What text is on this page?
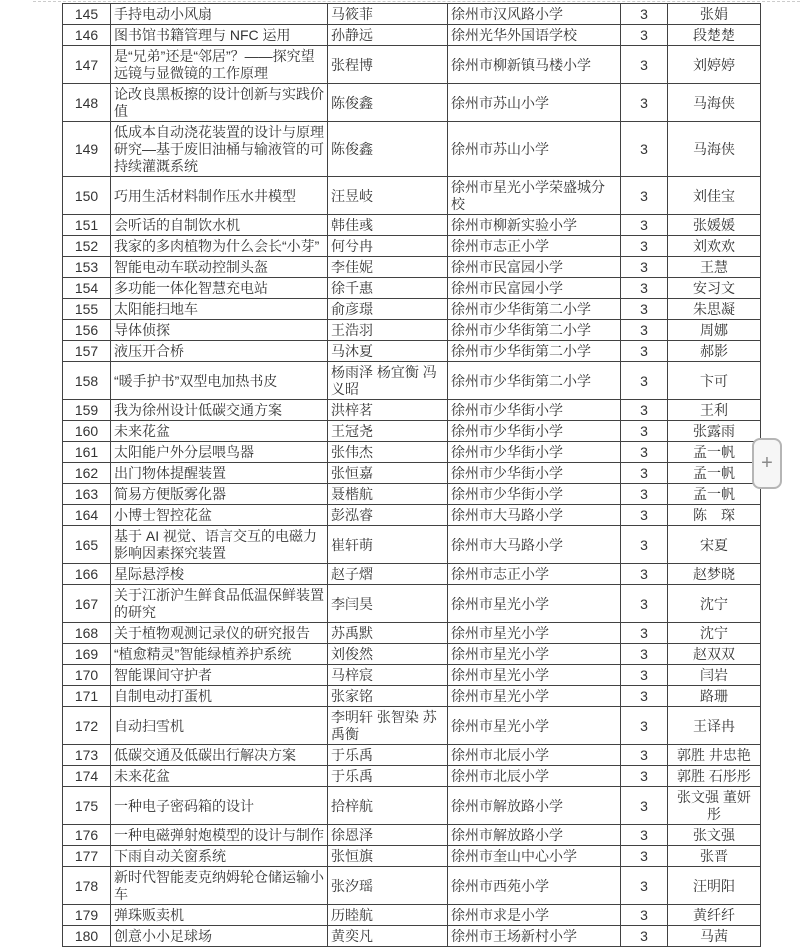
145	手持电动小风扇	马筱菲	徐州市汉风路小学	3	张娟
146	图书馆书籍管理与 NFC 运用	孙静远	徐州光华外国语学校	3	段楚楚
147	是“兄弟”还是“邻居”？——探究望远镜与显微镜的工作原理	张程博	徐州市柳新镇马楼小学	3	刘婷婷
148	论改良黑板擦的设计创新与实践价值	陈俊鑫	徐州市苏山小学	3	马海侠
149	低成本自动浇花装置的设计与原理研究—基于废旧油桶与输液管的可持续灌溉系统	陈俊鑫	徐州市苏山小学	3	马海侠
150	巧用生活材料制作压水井模型	汪昱岐	徐州市星光小学荣盛城分校	3	刘佳宝
151	会听话的自制饮水机	韩佳彧	徐州市柳新实验小学	3	张媛媛
152	我家的多肉植物为什么会长“小芽”	何兮冉	徐州市志正小学	3	刘欢欢
153	智能电动车联动控制头盔	李佳妮	徐州市民富园小学	3	王慧
154	多功能一体化智慧充电站	徐千惠	徐州市民富园小学	3	安习文
155	太阳能扫地车	俞彦璟	徐州市少华街第二小学	3	朱思凝
156	导体侦探	王浩羽	徐州市少华街第二小学	3	周娜
157	液压开合桥	马沐夏	徐州市少华街第二小学	3	郝影
158	“暖手护书”双型电加热书皮	杨雨泽 杨宜衡 冯义昭	徐州市少华街第二小学	3	卞可
159	我为徐州设计低碳交通方案	洪梓茗	徐州市少华街小学	3	王利
160	未来花盆	王冠尧	徐州市少华街小学	3	张露雨
161	太阳能户外分层喂鸟器	张伟杰	徐州市少华街小学	3	孟一帆
162	出门物体提醒装置	张恒嘉	徐州市少华街小学	3	孟一帆
163	简易方便版雾化器	聂楷航	徐州市少华街小学	3	孟一帆
164	小博士智控花盆	彭泓睿	徐州市大马路小学	3	陈　琛
165	基于 AI 视觉、语言交互的电磁力影响因素探究装置	崔轩萌	徐州市大马路小学	3	宋夏
166	星际悬浮梭	赵子熠	徐州市志正小学	3	赵梦晓
167	关于江浙沪生鲜食品低温保鲜装置的研究	李闫昊	徐州市星光小学	3	沈宁
168	关于植物观测记录仪的研究报告	苏禹默	徐州市星光小学	3	沈宁
169	“植愈精灵”智能绿植养护系统	刘俊然	徐州市星光小学	3	赵双双
170	智能课间守护者	马梓宸	徐州市星光小学	3	闫岩
171	自制电动打蛋机	张家铭	徐州市星光小学	3	路珊
172	自动扫雪机	李明轩 张智染 苏禹衡	徐州市星光小学	3	王译冉
173	低碳交通及低碳出行解决方案	于乐禹	徐州市北辰小学	3	郭胜 井忠艳
174	未来花盆	于乐禹	徐州市北辰小学	3	郭胜 石彤彤
175	一种电子密码箱的设计	拾梓航	徐州市解放路小学	3	张文强 董妍彤
176	一种电磁弹射炮模型的设计与制作	徐恩泽	徐州市解放路小学	3	张文强
177	下雨自动关窗系统	张恒旗	徐州市奎山中心小学	3	张晋
178	新时代智能麦克纳姆轮仓储运输小车	张汐瑶	徐州市西苑小学	3	汪明阳
179	弹珠贩卖机	历睦航	徐州市求是小学	3	黄纤纤
180	创意小小足球场	黄奕凡	徐州市王场新村小学	3	马茜
+
